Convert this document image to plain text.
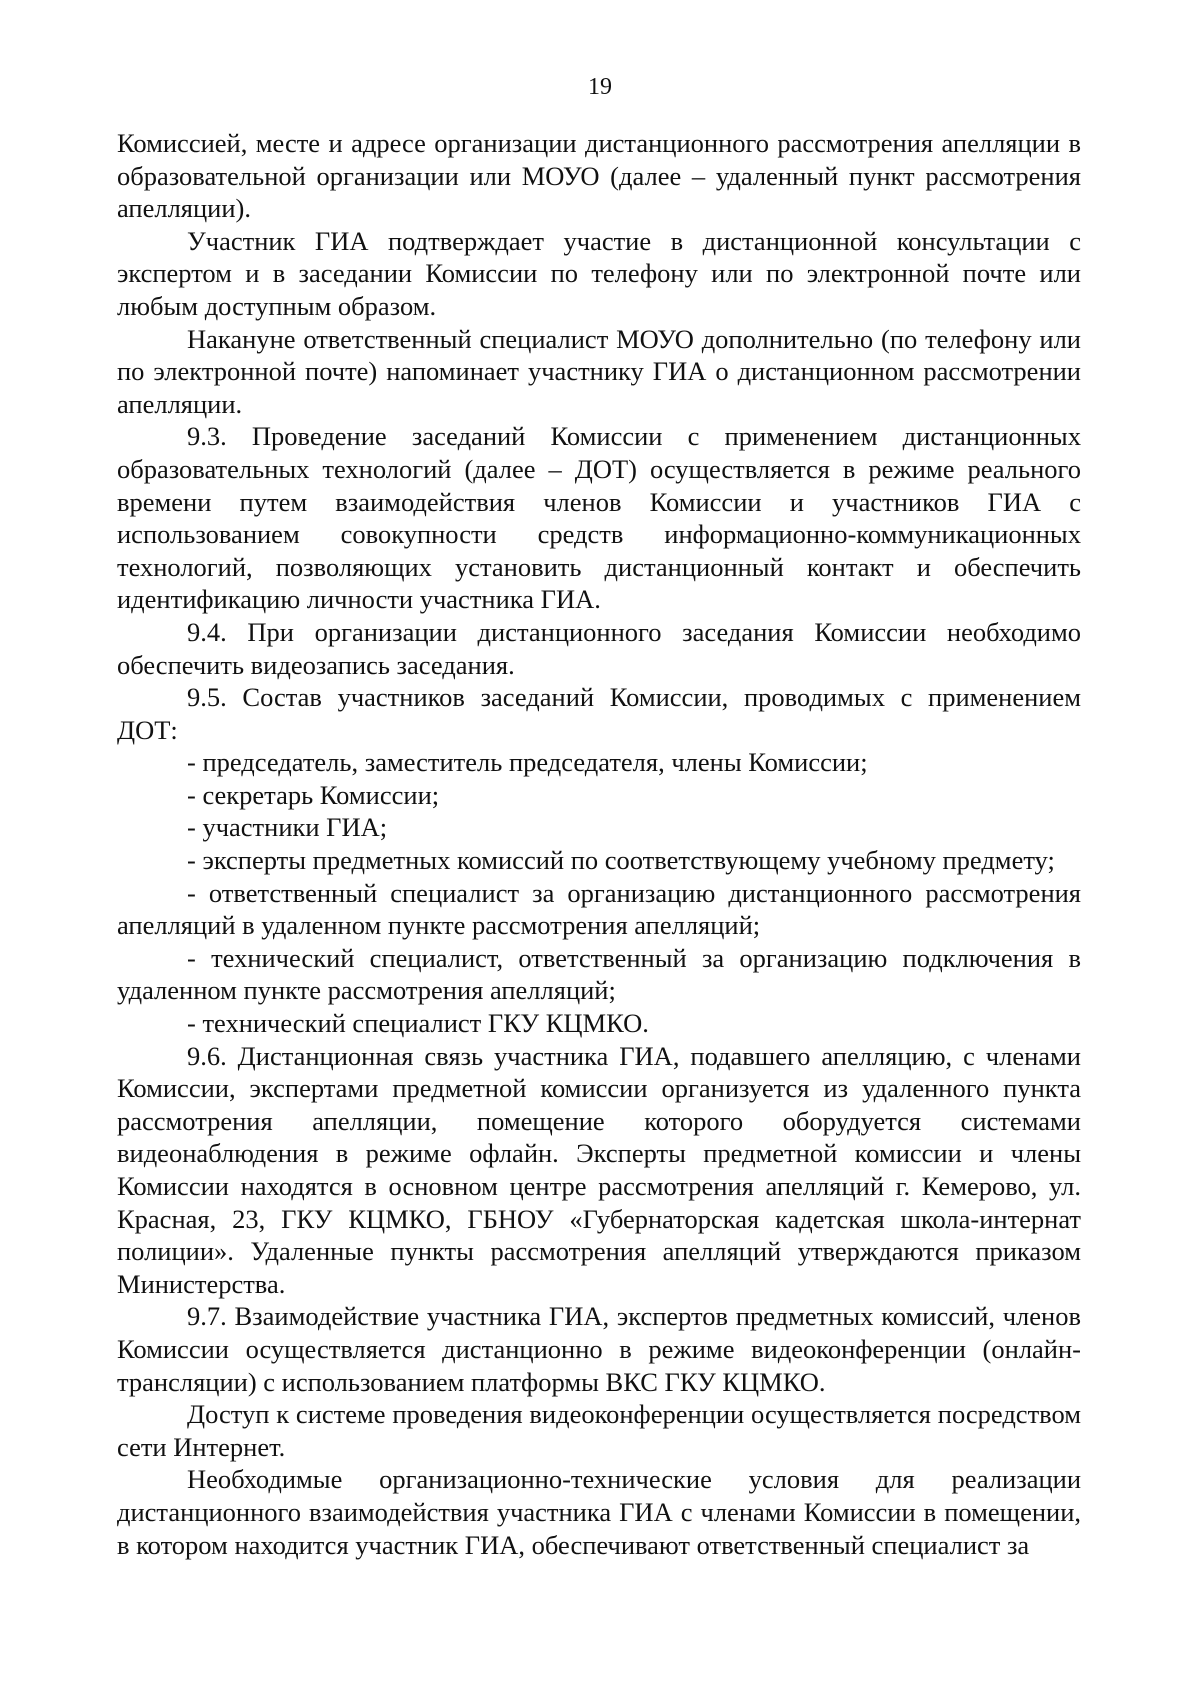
19

Комиссией, месте и адресе организации дистанционного рассмотрения апелляции в образовательной организации или МОУО (далее – удаленный пункт рассмотрения апелляции).

Участник ГИА подтверждает участие в дистанционной консультации с экспертом и в заседании Комиссии по телефону или по электронной почте или любым доступным образом.

Накануне ответственный специалист МОУО дополнительно (по телефону или по электронной почте) напоминает участнику ГИА о дистанционном рассмотрении апелляции.

9.3. Проведение заседаний Комиссии с применением дистанционных образовательных технологий (далее – ДОТ) осуществляется в режиме реального времени путем взаимодействия членов Комиссии и участников ГИА с использованием совокупности средств информационно-коммуникационных технологий, позволяющих установить дистанционный контакт и обеспечить идентификацию личности участника ГИА.

9.4. При организации дистанционного заседания Комиссии необходимо обеспечить видеозапись заседания.

9.5. Состав участников заседаний Комиссии, проводимых с применением ДОТ:

- председатель, заместитель председателя, члены Комиссии;

- секретарь Комиссии;

- участники ГИА;

- эксперты предметных комиссий по соответствующему учебному предмету;

- ответственный специалист за организацию дистанционного рассмотрения апелляций в удаленном пункте рассмотрения апелляций;

- технический специалист, ответственный за организацию подключения в удаленном пункте рассмотрения апелляций;

- технический специалист ГКУ КЦМКО.

9.6. Дистанционная связь участника ГИА, подавшего апелляцию, с членами Комиссии, экспертами предметной комиссии организуется из удаленного пункта рассмотрения апелляции, помещение которого оборудуется системами видеонаблюдения в режиме офлайн. Эксперты предметной комиссии и члены Комиссии находятся в основном центре рассмотрения апелляций г. Кемерово, ул. Красная, 23, ГКУ КЦМКО, ГБНОУ «Губернаторская кадетская школа-интернат полиции». Удаленные пункты рассмотрения апелляций утверждаются приказом Министерства.

9.7. Взаимодействие участника ГИА, экспертов предметных комиссий, членов Комиссии осуществляется дистанционно в режиме видеоконференции (онлайн-трансляции) с использованием платформы ВКС ГКУ КЦМКО.

Доступ к системе проведения видеоконференции осуществляется посредством сети Интернет.

Необходимые организационно-технические условия для реализации дистанционного взаимодействия участника ГИА с членами Комиссии в помещении, в котором находится участник ГИА, обеспечивают ответственный специалист за
